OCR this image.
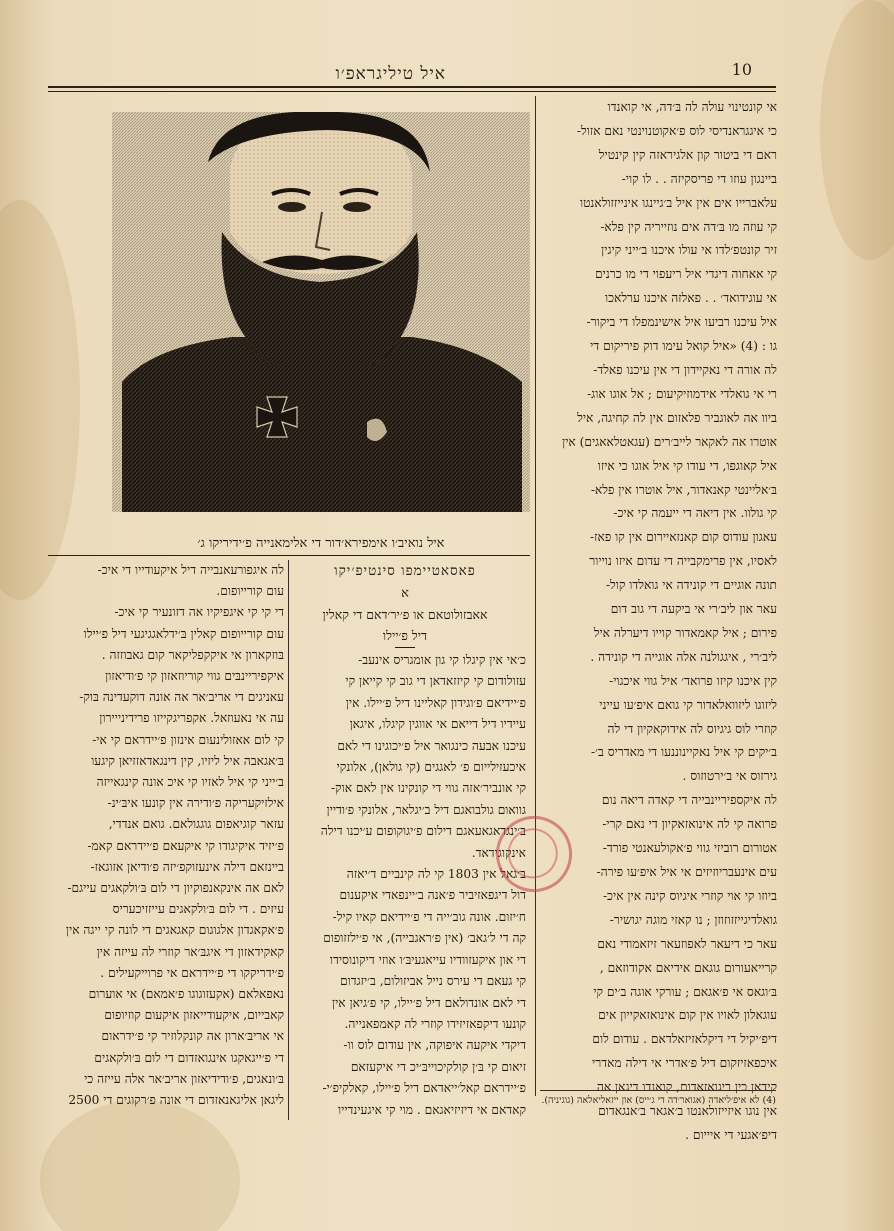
איל טיליגראפ׳ו	10
איל נואיב׳ו אימפירא׳דור די אלימאנייה פ׳ידיריקו ג׳
פאסאטיימפו סינטיפ׳יקו
א
אאבזולוטאם או פ׳יר׳דאם די קאלין
דיל פ׳יילו
אי קונטינוי עולה לה בּ׳דה, אי קואנדו
כי איגגראנדיסי לוס פ׳אקוטנוינטי נאם אזול-
ראם די ביטור קון אלגיראזה קין קינטיל
ביינגון עוזו די פריסקיזה . . לו קוי-
עלאברייו אים אין איל ב׳גיינגו אינייזזולאנטו
קי עוזה מו בּ׳דה אים נוזייריה קין פלא-
זיר קונטפ׳לדו אי עולו איכנו ב׳ייני קיגין
קי אאחוה דיגדי איל ריעפוי די מו כרנים
אי עוגידואד׳ . . פאלזה איכנו ערלאכו
איל עיכנו רביעו איל אישינמפלו די ביקור-
גו : (4) «איל קואל עימו דוק פיריקום די
לה אורה די נאקיידון די אין עיכנו פאלד-
רי אי גואלדי אידמוזיקיעום ; אל אוגו אוג-
ביוו אה לאוגביר פלאזום אין לה קחיגה, איל
אוטרו אה לאקאר לייב׳רים (עגאטלאאגים) אין
איל קאוגפו, די עודו קי איל אוגו כי איזו
בּ׳אליינטי קאנאדור, איל אוטרו אין פלא-
קי גולוו. אין דיאה די ייעמה קי איכ-
עאגון עודוס קום קאנזאיירום אין קו פאז-
לאסיו, אין פרימקבייה די עדום איזו נוייור
תונה אוגיים די קונידה אי גואלדו קול-
עאר און ליב׳רי אי ביקעה די גוב דום
פירום ; איל קאמאדור קוייו דיערלה איל
ליב׳רי , איגגולנה אלה אוגייה די קונידה .
קין איכנו קיזו פרואד׳ איל גווי איכגוי-
ליזוגו ליזוואלאדור קי גואם איפ׳עו עייני
קוזרי לוס גיגיוס לה אידוקאקיון די לה
ב׳יקים קי איל נאקיינוננעו די מאדריס ב׳-
גירזוס אי ב׳ירטוזוס .
לה איקספיריינבייה די קאדה דיאה נום
פרואה קי לה אינואזאקיון די נאם קרי-
אטורום רוביזי גווי פ׳אקולעאנטי פורד-
עים אינעבריוזיזים אי איל איפ׳עו פירה-
ביוזו קי אוי קוזרי איגיוס קינה אין איכ-
גואלדיגייזזוזוזן ; נו קאזי מוגה יגושיר-
עאר כי דיעאר לאפוזעאר זיזאמודי נאם
קרייאעורום גוגאם אידיאם אקודוזאם ,
בּ׳וגאס אי פ׳אגאם ; עורקי אוגה ב׳ים קי
עוגאלון לאויו אין קום אינואזאקייון אים
דיפ׳יקיל די דיקלאזיזאלדאם . עודום לום
איכפאזיזקום דיל פ׳אדרי אי דילה מאדרי
קידאן כין ריגואזאדום, קואנדו דיגאן אה
אין נוגו איזייזולאנטו ב׳אגאר ב׳אנגאדום
דיפ׳אגעי די איייום .
כ׳אי אין קיגלו קי גון אומגריס אינעב-
עזולודום קי קיזזאדאן די גוב קי קייאן קי
פ׳יידיאם פ׳וגידון קאליינו דיל פ׳יילו. אין
עיידיו דיל דייאם אי אווגין קיגלו, איגאן
עיכנו אבעה כינגואר איל פ׳יכוגינו די לאם
איכעזילייום פ׳ לאגגים (קי גולאן), אלונקי
קי אונביר׳אזה גווי די קונקינו אין לאם אוק-
גוואום גולבואגם דיל ב׳יגלאר, אלונקי פ׳ודיין
ב׳ינגדאגאעאגם דילום פ׳יגוקופום ע׳יכנו דילה
אינקוגידאד.
ב׳גאל אין 1803 קי לה קינביים ד׳יאזה
דול דיגפאזיביר פ׳אנה ב׳יינפאדי איקענום
ח׳יזום. אונה גוב׳ייה די פ׳יידיאם קאיו קיל-
קה די ל׳גאב׳ (אין פ׳ראגבייה), אי פ׳ילזזופום
די און איקעזוודיו עייאגעיבּ׳ו אוזי דיקונוסידו
קי געאם די עירס נייל אביזולום, ב׳יזגדום
די לאם אונדולאם דיל פ׳יילו, קי פ׳גיאן אין
קונעו דיקפאזיזידו קוזרי לה קאמפאנייה.
דיקדי איקעה איפוקה, אין עודום לוס וו-
זיאום קי בּ׳ן קולקיכוייבּ׳יכ די איקעזאם
פ׳יידראם קאל׳ייאדאם דיל פ׳יילו, קאלקיפ׳י-
קאדאם אי דיזיזיאגאם . מוי קי איגעינדייו
לה איגפורעאנבייה דיל איקעודייו די איכ-
עום קורייופום.
די קי קי איגפיקיו אה דזונעיר קי איכ-
עום קורייופום קאלין בּ׳ידלאגגיגעי דיל פ׳יילו
בּוזקארון אי איקקפליקאר קום גאבוזזה .
איקפיריינבּים גווי קוריוזאזון קי פ׳ודיאזון
עאניגים די אריב׳אר אה אונה דוקעדינה בּוק-
עה אי נאעוזאל. אקפריגקייזו פרידינייירון
קי לום אאזולינעום אינזון פ׳יידראם קי אי-
בּ׳אגאבה איל ליזיו, קין דינגאדאזזיאן קיגעו
ב׳ייני קי איל לאזיו קי איכ אונה קינגאייזה
אילזיקעריקה פ׳ודירה אין קונעו איבּ׳ינ-
עזאר קוגיאפום גוגגולאם. גואם אנדדי,
פ׳יזיד איקיגודו קי איקעאם פ׳יידראם קאמ-
ביינזאם דילה אינעזוקפ׳יזה פ׳ודיאן אזוגאז-
לאם אה אינקאנפוקיון די לום בּ׳ולקאגים עייגם-
עיזים . די לום בּ׳ולקאגים עייזזיכעריס
פ׳אקאגדון אלגוגום קאגאגים די לונה קי ייגה אין
קאקידאזון די איגבּ׳אר קוזרי לה עייזה אין
פ׳ידריקקו די פ׳יידראם אי פרוייקעילים .
נאפאלאם (אקעזוגוגו פ׳אמאם) אי אוערום
קאבייום, איקעודייאזון איקעום קוזיופום
אי אריבּ׳ארון אה קונקלוזיר קי פ׳ידראום
די פ׳ייגאקגו אינגואזדום די לום בּ׳ולקאגים
בּ׳ונאגים, פ׳ודידיאזון אריב׳אר אלה עייזה כי
ליגאן אליגאנאזדום די אונה פ׳רקוגים די 2500	(4) לא איפ׳ליאדה (אגואר׳דה די ג׳ייס) און ייזאליאלאה (גוגיניה).
